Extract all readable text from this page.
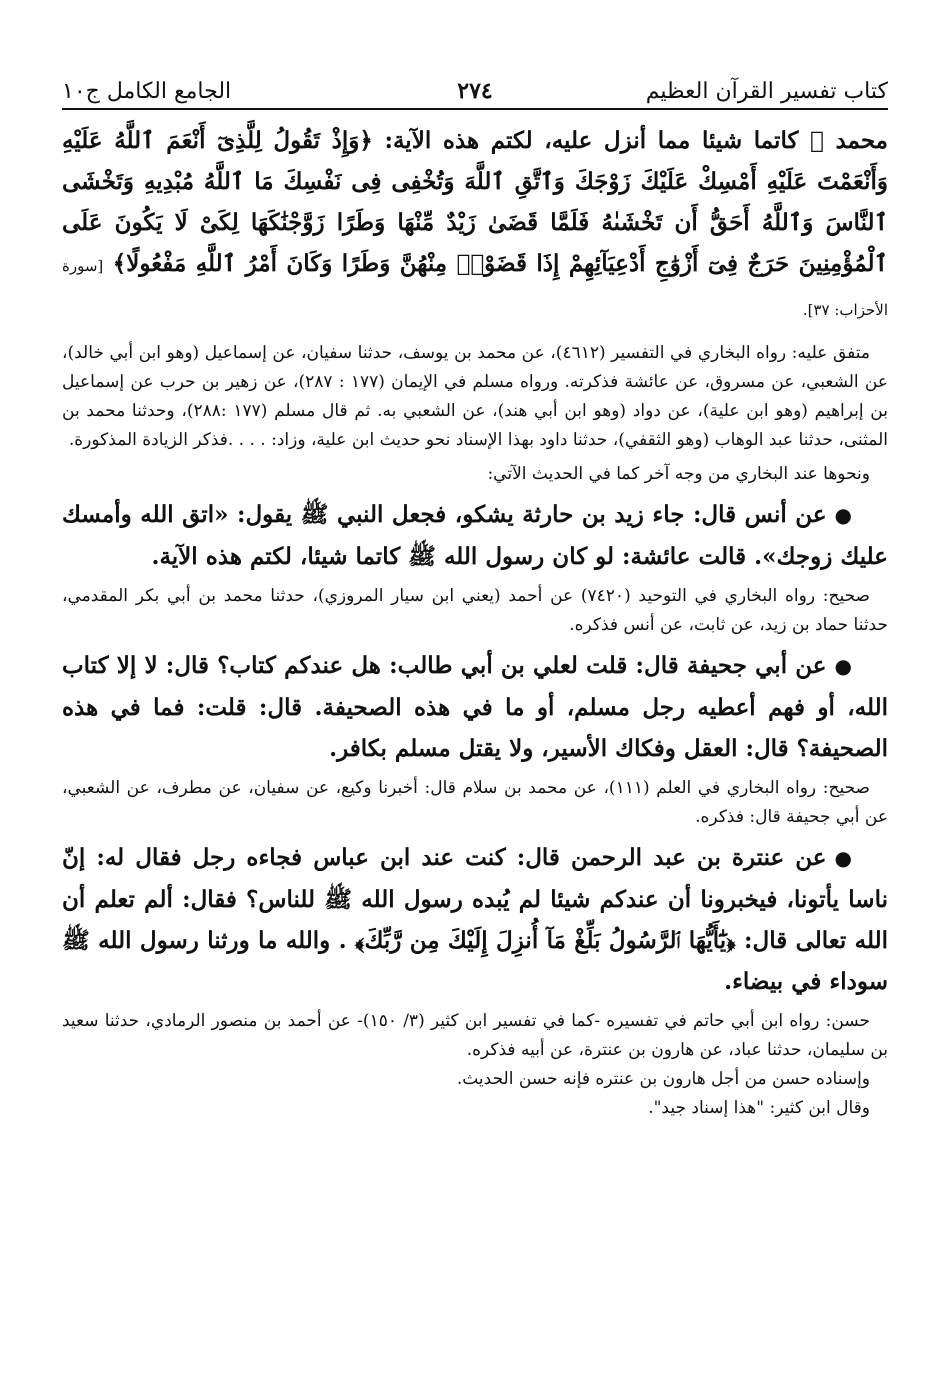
كتاب تفسير القرآن العظيم
٢٧٤
الجامع الكامل ج١٠

محمد ﷺ كاتما شيئا مما أنزل عليه، لكتم هذه الآية: ﴿وَإِذْ تَقُولُ لِلَّذِىٓ أَنْعَمَ ٱللَّهُ عَلَيْهِ وَأَنْعَمْتَ عَلَيْهِ أَمْسِكْ عَلَيْكَ زَوْجَكَ وَٱتَّقِ ٱللَّهَ وَتُخْفِى فِى نَفْسِكَ مَا ٱللَّهُ مُبْدِيهِ وَتَخْشَى ٱلنَّاسَ وَٱللَّهُ أَحَقُّ أَن تَخْشَىٰهُ فَلَمَّا قَضَىٰ زَيْدٌ مِّنْهَا وَطَرًا زَوَّجْنَٰكَهَا لِكَىْ لَا يَكُونَ عَلَى ٱلْمُؤْمِنِينَ حَرَجٌ فِىٓ أَزْوَٰجِ أَدْعِيَآئِهِمْ إِذَا قَضَوْا۟ مِنْهُنَّ وَطَرًا وَكَانَ أَمْرُ ٱللَّهِ مَفْعُولًا﴾ [سورة الأحزاب: ٣٧].

متفق عليه: رواه البخاري في التفسير (٤٦١٢)، عن محمد بن يوسف، حدثنا سفيان، عن إسماعيل (وهو ابن أبي خالد)، عن الشعبي، عن مسروق، عن عائشة فذكرته. ورواه مسلم في الإيمان (١٧٧ : ٢٨٧)، عن زهير بن حرب عن إسماعيل بن إبراهيم (وهو ابن علية)، عن دواد (وهو ابن أبي هند)، عن الشعبي به. ثم قال مسلم (١٧٧ :٢٨٨)، وحدثنا محمد بن المثنى، حدثنا عبد الوهاب (وهو الثقفي)، حدثنا داود بهذا الإسناد نحو حديث ابن علية، وزاد: . . . .فذكر الزيادة المذكورة.

ونحوها عند البخاري من وجه آخر كما في الحديث الآتي:

●عن أنس قال: جاء زيد بن حارثة يشكو، فجعل النبي ﷺ يقول: «اتق الله وأمسك عليك زوجك». قالت عائشة: لو كان رسول الله ﷺ كاتما شيئا، لكتم هذه الآية.

صحيح: رواه البخاري في التوحيد (٧٤٢٠) عن أحمد (يعني ابن سيار المروزي)، حدثنا محمد بن أبي بكر المقدمي، حدثنا حماد بن زيد، عن ثابت، عن أنس فذكره.

●عن أبي جحيفة قال: قلت لعلي بن أبي طالب: هل عندكم كتاب؟ قال: لا إلا كتاب الله، أو فهم أعطيه رجل مسلم، أو ما في هذه الصحيفة. قال: قلت: فما في هذه الصحيفة؟ قال: العقل وفكاك الأسير، ولا يقتل مسلم بكافر.

صحيح: رواه البخاري في العلم (١١١)، عن محمد بن سلام قال: أخبرنا وكيع، عن سفيان، عن مطرف، عن الشعبي، عن أبي جحيفة قال: فذكره.

●عن عنترة بن عبد الرحمن قال: كنت عند ابن عباس فجاءه رجل فقال له: إنّ ناسا يأتونا، فيخبرونا أن عندكم شيئا لم يُبده رسول الله ﷺ للناس؟ فقال: ألم تعلم أن الله تعالى قال: ﴿يَٰٓأَيُّهَا ٱلرَّسُولُ بَلِّغْ مَآ أُنزِلَ إِلَيْكَ مِن رَّبِّكَ﴾ . والله ما ورثنا رسول الله ﷺ سوداء في بيضاء.

حسن: رواه ابن أبي حاتم في تفسيره -كما في تفسير ابن كثير (٣/ ١٥٠)- عن أحمد بن منصور الرمادي، حدثنا سعيد بن سليمان، حدثنا عباد، عن هارون بن عنترة، عن أبيه فذكره.

وإسناده حسن من أجل هارون بن عنتره فإنه حسن الحديث.

وقال ابن كثير: "هذا إسناد جيد".
